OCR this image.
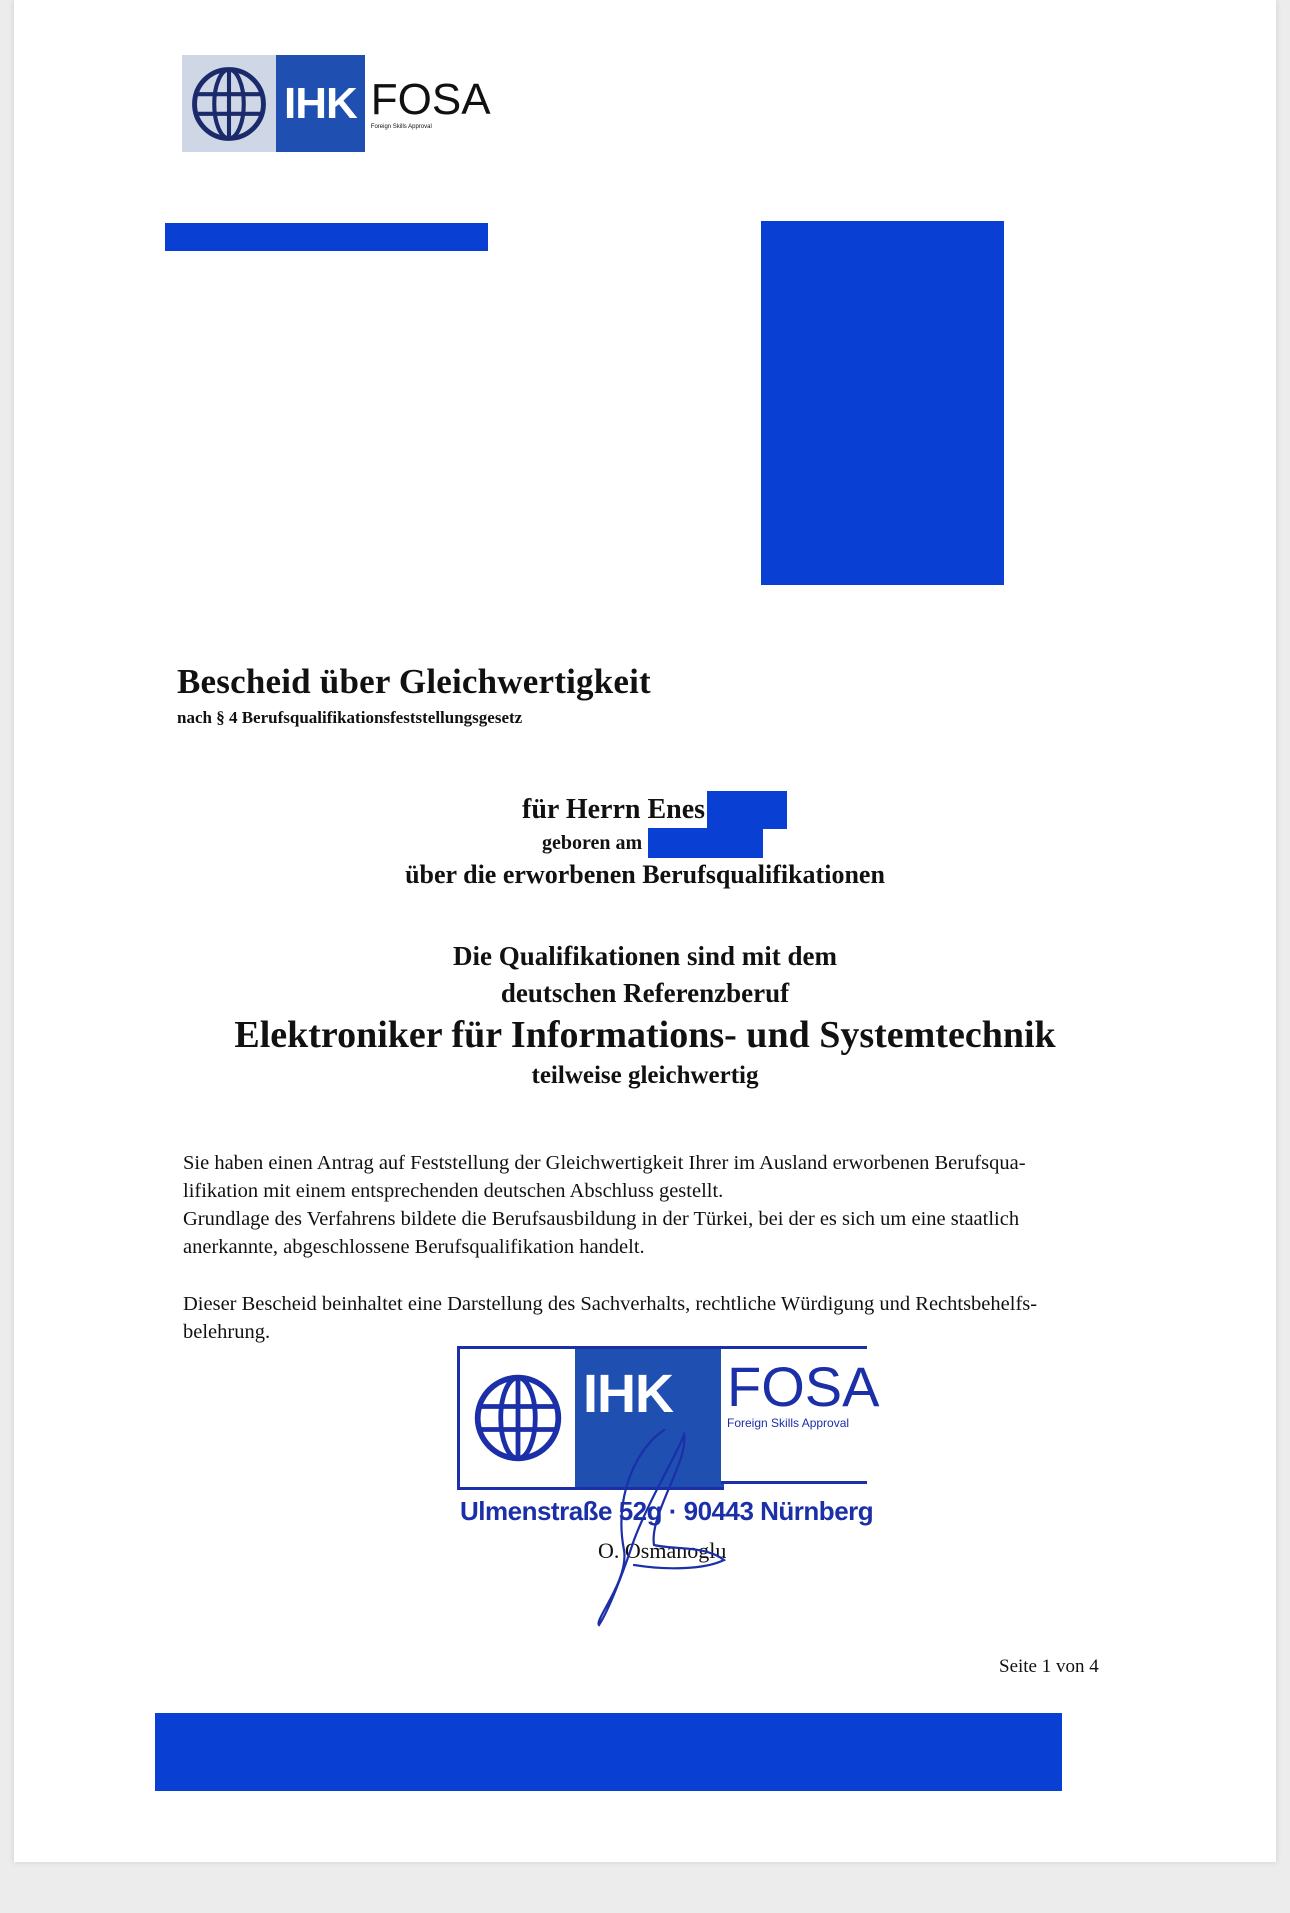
IHK FOSA
Foreign Skills Approval
Bescheid über Gleichwertigkeit
nach § 4 Berufsqualifikationsfeststellungsgesetz
für Herrn Enes
geboren am
über die erworbenen Berufsqualifikationen
Die Qualifikationen sind mit dem
deutschen Referenzberuf
Elektroniker für Informations- und Systemtechnik
teilweise gleichwertig
Sie haben einen Antrag auf Feststellung der Gleichwertigkeit Ihrer im Ausland erworbenen Berufsqua-
lifikation mit einem entsprechenden deutschen Abschluss gestellt.
Grundlage des Verfahrens bildete die Berufsausbildung in der Türkei, bei der es sich um eine staatlich
anerkannte, abgeschlossene Berufsqualifikation handelt.
Dieser Bescheid beinhaltet eine Darstellung des Sachverhalts, rechtliche Würdigung und Rechtsbehelfs-
belehrung.
IHK FOSA
Foreign Skills Approval
Ulmenstraße 52g · 90443 Nürnberg
O. Osmanoglu
Seite 1 von 4
